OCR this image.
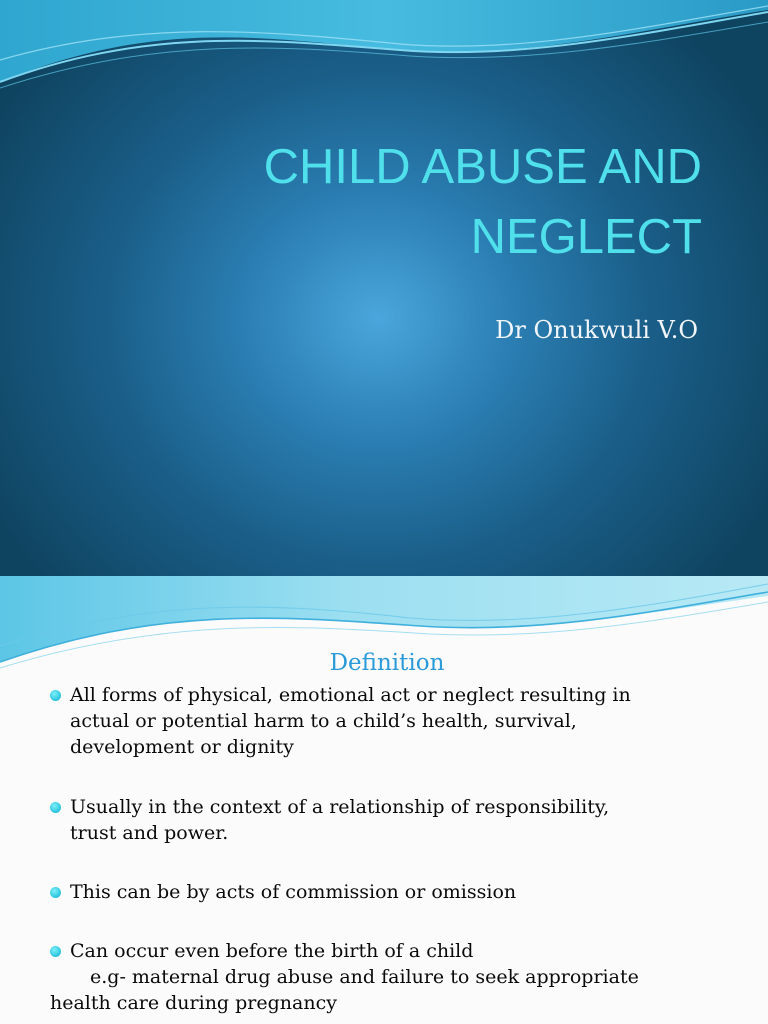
CHILD ABUSE AND
NEGLECT
Dr Onukwuli V.O
Definition
All forms of physical, emotional act or neglect resulting in
actual or potential harm to a child’s health, survival,
development or dignity
Usually in the context of a relationship of responsibility,
trust and power.
This can be by acts of commission or omission
Can occur even before the birth of a child
e.g- maternal drug abuse and failure to seek appropriate
health care during pregnancy
